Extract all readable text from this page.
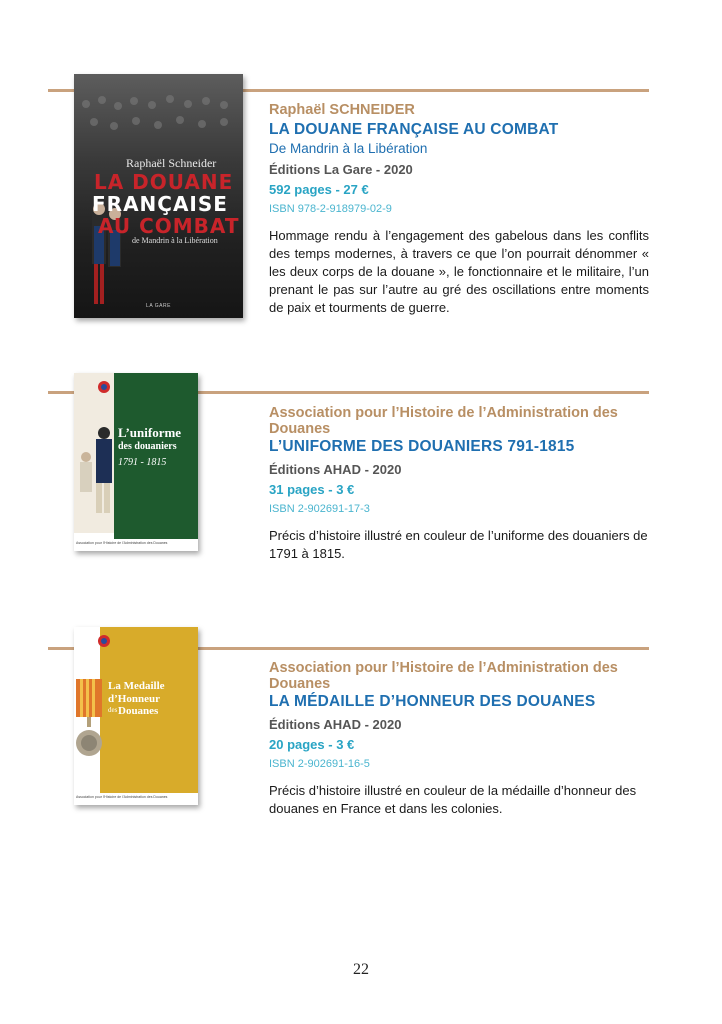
Raphaël Schneider
LA DOUANE
FRANÇAISE
AU COMBAT
de Mandrin à la Libération
LA GARE
Raphaël SCHNEIDER
LA DOUANE FRANÇAISE AU COMBAT
De Mandrin à la Libération
Éditions La Gare - 2020
592 pages - 27 €
ISBN 978-2-918979-02-9
Hommage rendu à l’engagement des gabelous dans les conflits des temps modernes, à travers ce que l’on pourrait dénommer « les deux corps de la douane », le fonctionnaire et le militaire, l’un prenant le pas sur l’autre au gré des oscillations entre moments de paix et tourments de guerre.
L’uniforme
des douaniers
1791 - 1815
Association pour l’Histoire de l’Administration des Douanes
Association pour l’Histoire de l’Administration des Douanes
L’UNIFORME DES DOUANIERS 791-1815
Éditions AHAD - 2020
31 pages - 3 €
ISBN 2-902691-17-3
Précis d’histoire illustré en couleur de l’uniforme des douaniers de 1791 à 1815.
La Medaille
d’Honneur
des Douanes
Association pour l’Histoire de l’Administration des Douanes
Association pour l’Histoire de l’Administration des Douanes
LA MÉDAILLE D’HONNEUR DES DOUANES
Éditions AHAD - 2020
20 pages - 3 €
ISBN 2-902691-16-5
Précis d’histoire illustré en couleur de la médaille d’honneur des douanes en France et dans les colonies.
22
